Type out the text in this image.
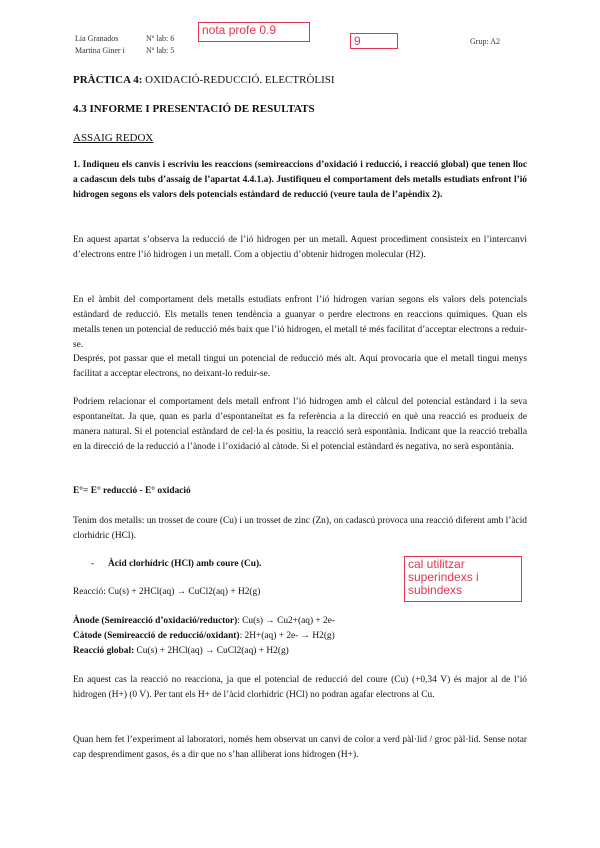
Lia Granados
Martina Giner i
Nº lab: 6
Nº lab: 5
Grup: A2
nota profe 0.9
9
cal utilitzar superindexs i subindexs
PRÀCTICA 4: OXIDACIÓ-REDUCCIÓ. ELECTRÒLISI
4.3 INFORME I PRESENTACIÓ DE RESULTATS
ASSAIG REDOX
1. Indiqueu els canvis i escriviu les reaccions (semireaccions d’oxidació i reducció, i reacció global) que tenen lloc a cadascun dels tubs d’assaig de l’apartat 4.4.1.a). Justifiqueu el comportament dels metalls estudiats enfront l’ió hidrogen segons els valors dels potencials estàndard de reducció (veure taula de l’apèndix 2).
En aquest apartat s’observa la reducció de l’ió hidrogen per un metall. Aquest procediment consisteix en l’intercanvi d’electrons entre l’ió hidrogen i un metall. Com a objectiu d’obtenir hidrogen molecular (H2).
En el àmbit del comportament dels metalls estudiats enfront l’ió hidrogen varian segons els valors dels potencials estàndard de reducció. Els metalls tenen tendència a guanyar o perdre electrons en reaccions químiques. Quan els metalls tenen un potencial de reducció més baix que l’ió hidrogen, el metall té més facilitat d’acceptar electrons a reduir-se.
Després, pot passar que el metall tingui un potencial de reducció més alt. Aquí provocaria que el metall tingui menys facilitat a acceptar electrons, no deixant-lo reduir-se.
Podriem relacionar el comportament dels metall enfront l’ió hidrogen amb el càlcul del potencial estàndard i la seva espontaneïtat. Ja que, quan es parla d’espontaneïtat es fa referència a la direcció en què una reacció es produeix de manera natural. Si el potencial estàndard de cel·la és positiu, la reacció serà espontània. Indicant que la reacció treballa en la direcció de la reducció a l’ànode i l’oxidació al càtode. Si el potencial estàndard és negativa, no serà espontània.
E°= E° reducció - E° oxidació
Tenim dos metalls: un trosset de coure (Cu) i un trosset de zinc (Zn), on cadascú provoca una reacció diferent amb l’àcid clorhídric (HCl).
- Àcid clorhídric (HCl) amb coure (Cu).
Reacció: Cu(s) + 2HCl(aq) → CuCl2(aq) + H2(g)
Ànode (Semireacció d’oxidació/reductor): Cu(s) → Cu2+(aq) + 2e-
Càtode (Semireacció de reducció/oxidant): 2H+(aq) + 2e- → H2(g)
Reacció global: Cu(s) + 2HCl(aq) → CuCl2(aq) + H2(g)
En aquest cas la reacció no reacciona, ja que el potencial de reducció del coure (Cu) (+0,34 V) és major al de l’ió hidrogen (H+) (0 V). Per tant els H+ de l’àcid clorhídric (HCl) no podran agafar electrons al Cu.
Quan hem fet l’experiment al laboratori, només hem observat un canvi de color a verd pàl·lid / groc pàl·lid. Sense notar cap desprendiment gasos, és a dir que no s’han alliberat ions hidrogen (H+).
